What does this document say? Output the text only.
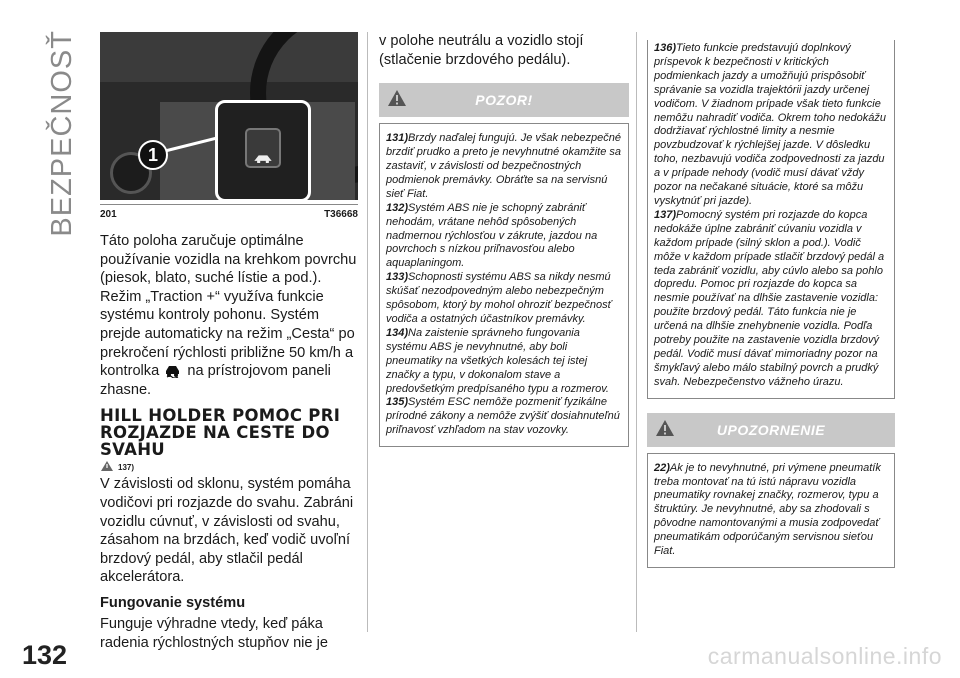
BEZPEČNOSŤ	1
201	T36668

Táto poloha zaručuje optimálne používanie vozidla na krehkom povrchu (piesok, blato, suché lístie a pod.). Režim „Traction +“ využíva funkcie systému kontroly pohonu. Systém prejde automaticky na režim „Cesta“ po prekročení rýchlosti približne 50 km/h a kontrolka na prístrojovom paneli zhasne.

HILL HOLDER POMOC PRI ROZJAZDE NA CESTE DO SVAHU
137)

V závislosti od sklonu, systém pomáha vodičovi pri rozjazde do svahu. Zabráni vozidlu cúvnuť, v závislosti od svahu, zásahom na brzdách, keď vodič uvoľní brzdový pedál, aby stlačil pedál akcelerátora.

Fungovanie systému

Funguje výhradne vtedy, keď páka radenia rýchlostných stupňov nie je

v polohe neutrálu a vozidlo stojí (stlačenie brzdového pedálu).

POZOR!

131)Brzdy naďalej fungujú. Je však nebezpečné brzdiť prudko a preto je nevyhnutné okamžite sa zastaviť, v závislosti od bezpečnostných podmienok premávky. Obráťte sa na servisnú sieť Fiat.

132)Systém ABS nie je schopný zabrániť nehodám, vrátane nehôd spôsobených nadmernou rýchlosťou v zákrute, jazdou na povrchoch s nízkou priľnavosťou alebo aquaplaningom.

133)Schopnosti systému ABS sa nikdy nesmú skúšať nezodpovedným alebo nebezpečným spôsobom, ktorý by mohol ohroziť bezpečnosť vodiča a ostatných účastníkov premávky.

134)Na zaistenie správneho fungovania systému ABS je nevyhnutné, aby boli pneumatiky na všetkých kolesách tej istej značky a typu, v dokonalom stave a predovšetkým predpísaného typu a rozmerov.

135)Systém ESC nemôže pozmeniť fyzikálne prírodné zákony a nemôže zvýšiť dosiahnuteľnú priľnavosť vzhľadom na stav vozovky.

136)Tieto funkcie predstavujú doplnkový príspevok k bezpečnosti v kritických podmienkach jazdy a umožňujú prispôsobiť správanie sa vozidla trajektórii jazdy určenej vodičom. V žiadnom prípade však tieto funkcie nemôžu nahradiť vodiča. Okrem toho nedokážu dodržiavať rýchlostné limity a nesmie povzbudzovať k rýchlejšej jazde. V dôsledku toho, nezbavujú vodiča zodpovednosti za jazdu a v prípade nehody (vodič musí dávať vždy pozor na nečakané situácie, ktoré sa môžu vyskytnúť pri jazde).

137)Pomocný systém pri rozjazde do kopca nedokáže úplne zabrániť cúvaniu vozidla v každom prípade (silný sklon a pod.). Vodič môže v každom prípade stlačiť brzdový pedál a teda zabrániť vozidlu, aby cúvlo alebo sa pohlo dopredu. Pomoc pri rozjazde do kopca sa nesmie používať na dlhšie zastavenie vozidla: použite brzdový pedál. Táto funkcia nie je určená na dlhšie znehybnenie vozidla. Podľa potreby použite na zastavenie vozidla brzdový pedál. Vodič musí dávať mimoriadny pozor na šmykľavý alebo málo stabilný povrch a prudký svah. Nebezpečenstvo vážneho úrazu.

UPOZORNENIE

22)Ak je to nevyhnutné, pri výmene pneumatík treba montovať na tú istú nápravu vozidla pneumatiky rovnakej značky, rozmerov, typu a štruktúry. Je nevyhnutné, aby sa zhodovali s pôvodne namontovanými a musia zodpovedať pneumatikám odporúčaným servisnou sieťou Fiat.

132	carmanualsonline.info
